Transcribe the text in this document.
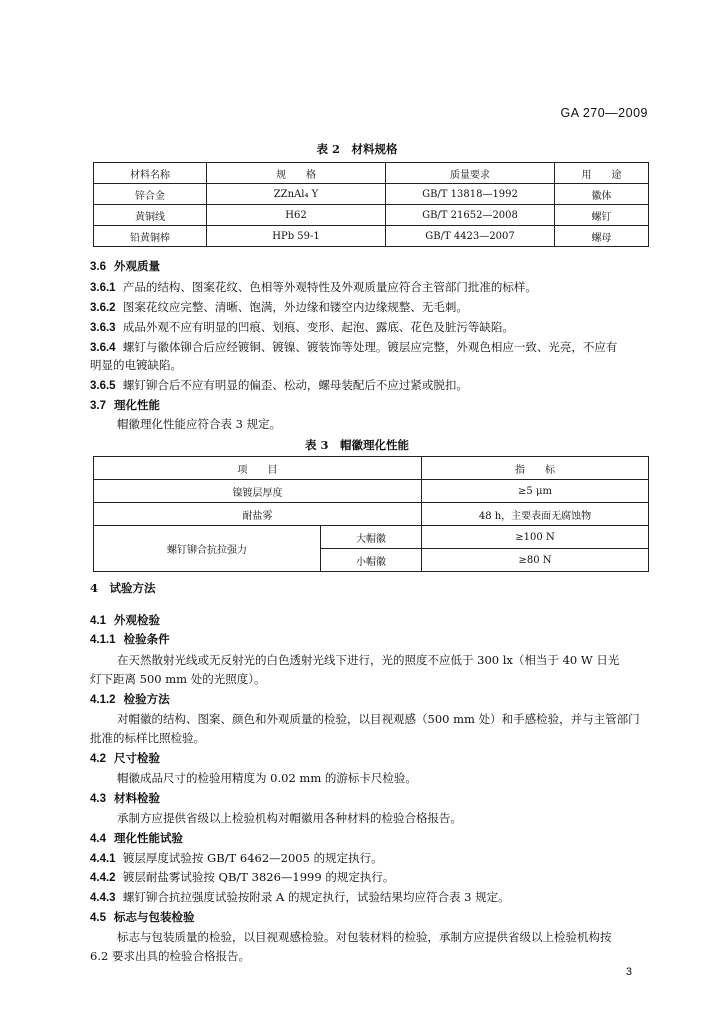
GA 270—2009
表 2　材料规格
材料名称	规　　格	质量要求	用　　途
锌合金	ZZnAl₄ Y	GB/T 13818—1992	徽体
黄铜线	H62	GB/T 21652—2008	螺钉
铅黄铜棒	HPb 59-1	GB/T 4423—2007	螺母
3.6 外观质量
3.6.1 产品的结构、图案花纹、色相等外观特性及外观质量应符合主管部门批准的标样。
3.6.2 图案花纹应完整、清晰、饱满，外边缘和镂空内边缘规整、无毛刺。
3.6.3 成品外观不应有明显的凹痕、划痕、变形、起泡、露底、花色及脏污等缺陷。
3.6.4 螺钉与徽体铆合后应经镀铜、镀镍、镀装饰等处理。镀层应完整，外观色相应一致、光亮，不应有
明显的电镀缺陷。
3.6.5 螺钉铆合后不应有明显的偏歪、松动，螺母装配后不应过紧或脱扣。
3.7 理化性能
帽徽理化性能应符合表 3 规定。
表 3　帽徽理化性能
项　　目		指　　标
镍镀层厚度		≥5 μm
耐盐雾		48 h，主要表面无腐蚀物
螺钉铆合抗拉强力	大帽徽	≥100 N
	小帽徽	≥80 N
4　试验方法
4.1 外观检验
4.1.1 检验条件
在天然散射光线或无反射光的白色透射光线下进行，光的照度不应低于 300 lx（相当于 40 W 日光
灯下距离 500 mm 处的光照度）。
4.1.2 检验方法
对帽徽的结构、图案、颜色和外观质量的检验，以目视观感（500 mm 处）和手感检验，并与主管部门
批准的标样比照检验。
4.2 尺寸检验
帽徽成品尺寸的检验用精度为 0.02 mm 的游标卡尺检验。
4.3 材料检验
承制方应提供省级以上检验机构对帽徽用各种材料的检验合格报告。
4.4 理化性能试验
4.4.1 镀层厚度试验按 GB/T 6462—2005 的规定执行。
4.4.2 镀层耐盐雾试验按 QB/T 3826—1999 的规定执行。
4.4.3 螺钉铆合抗拉强度试验按附录 A 的规定执行，试验结果均应符合表 3 规定。
4.5 标志与包装检验
标志与包装质量的检验，以目视观感检验。对包装材料的检验，承制方应提供省级以上检验机构按
6.2 要求出具的检验合格报告。
3
